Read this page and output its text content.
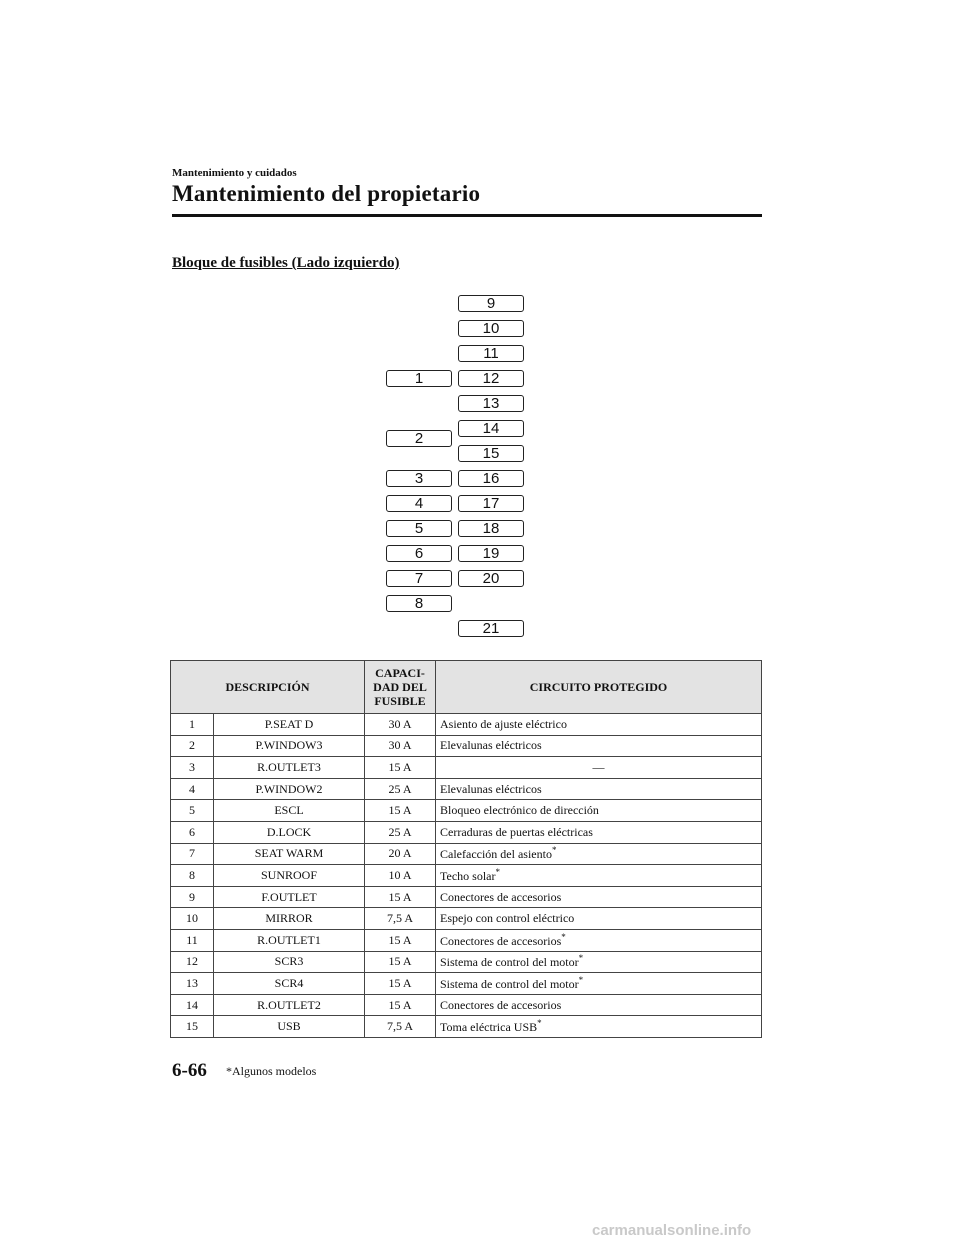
Mantenimiento y cuidados
Mantenimiento del propietario
Bloque de fusibles (Lado izquierdo)
1
2
3
4
5
6
7
8
9
10
11
12
13
14
15
16
17
18
19
20
21
DESCRIPCIÓN		CAPACI-
DAD DEL
FUSIBLE	CIRCUITO PROTEGIDO
1	P.SEAT D	30 A	Asiento de ajuste eléctrico
2	P.WINDOW3	30 A	Elevalunas eléctricos
3	R.OUTLET3	15 A	―
4	P.WINDOW2	25 A	Elevalunas eléctricos
5	ESCL	15 A	Bloqueo electrónico de dirección
6	D.LOCK	25 A	Cerraduras de puertas eléctricas
7	SEAT WARM	20 A	Calefacción del asiento*
8	SUNROOF	10 A	Techo solar*
9	F.OUTLET	15 A	Conectores de accesorios
10	MIRROR	7,5 A	Espejo con control eléctrico
11	R.OUTLET1	15 A	Conectores de accesorios*
12	SCR3	15 A	Sistema de control del motor*
13	SCR4	15 A	Sistema de control del motor*
14	R.OUTLET2	15 A	Conectores de accesorios
15	USB	7,5 A	Toma eléctrica USB*
6-66 *Algunos modelos
carmanualsonline.info
